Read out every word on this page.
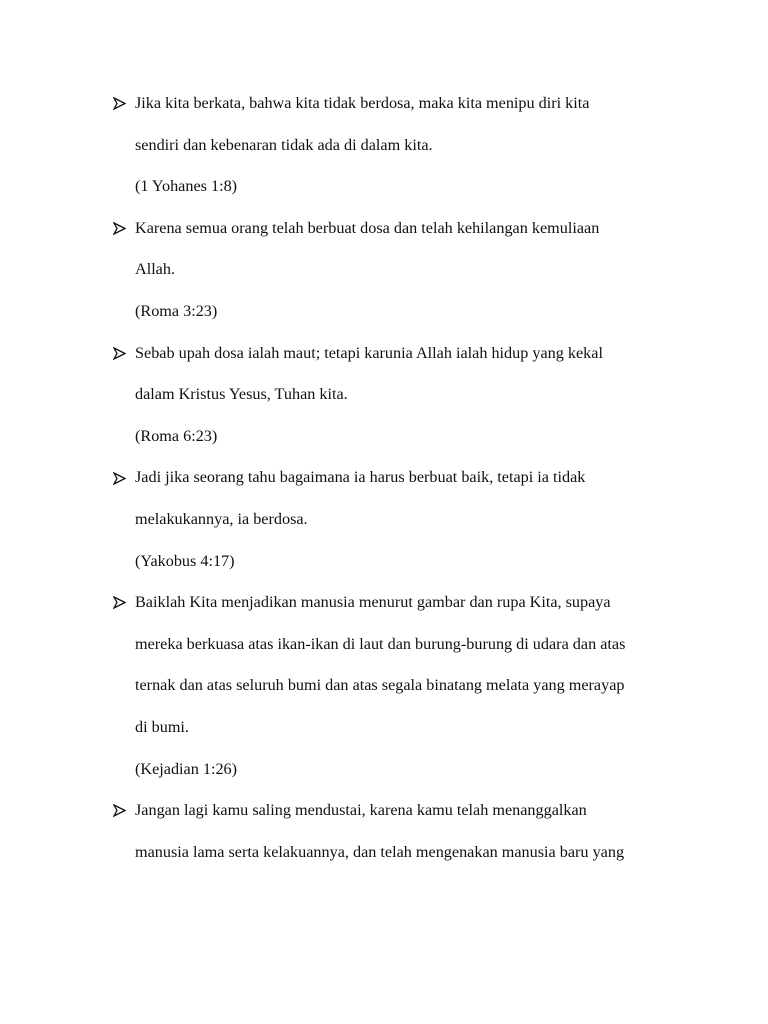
Jika kita berkata, bahwa kita tidak berdosa, maka kita menipu diri kita
sendiri dan kebenaran tidak ada di dalam kita.
(1 Yohanes 1:8)
Karena semua orang telah berbuat dosa dan telah kehilangan kemuliaan
Allah.
(Roma 3:23)
Sebab upah dosa ialah maut; tetapi karunia Allah ialah hidup yang kekal
dalam Kristus Yesus, Tuhan kita.
(Roma 6:23)
Jadi jika seorang tahu bagaimana ia harus berbuat baik, tetapi ia tidak
melakukannya, ia berdosa.
(Yakobus 4:17)
Baiklah Kita menjadikan manusia menurut gambar dan rupa Kita, supaya
mereka berkuasa atas ikan-ikan di laut dan burung-burung di udara dan atas
ternak dan atas seluruh bumi dan atas segala binatang melata yang merayap
di bumi.
(Kejadian 1:26)
Jangan lagi kamu saling mendustai, karena kamu telah menanggalkan
manusia lama serta kelakuannya, dan telah mengenakan manusia baru yang
